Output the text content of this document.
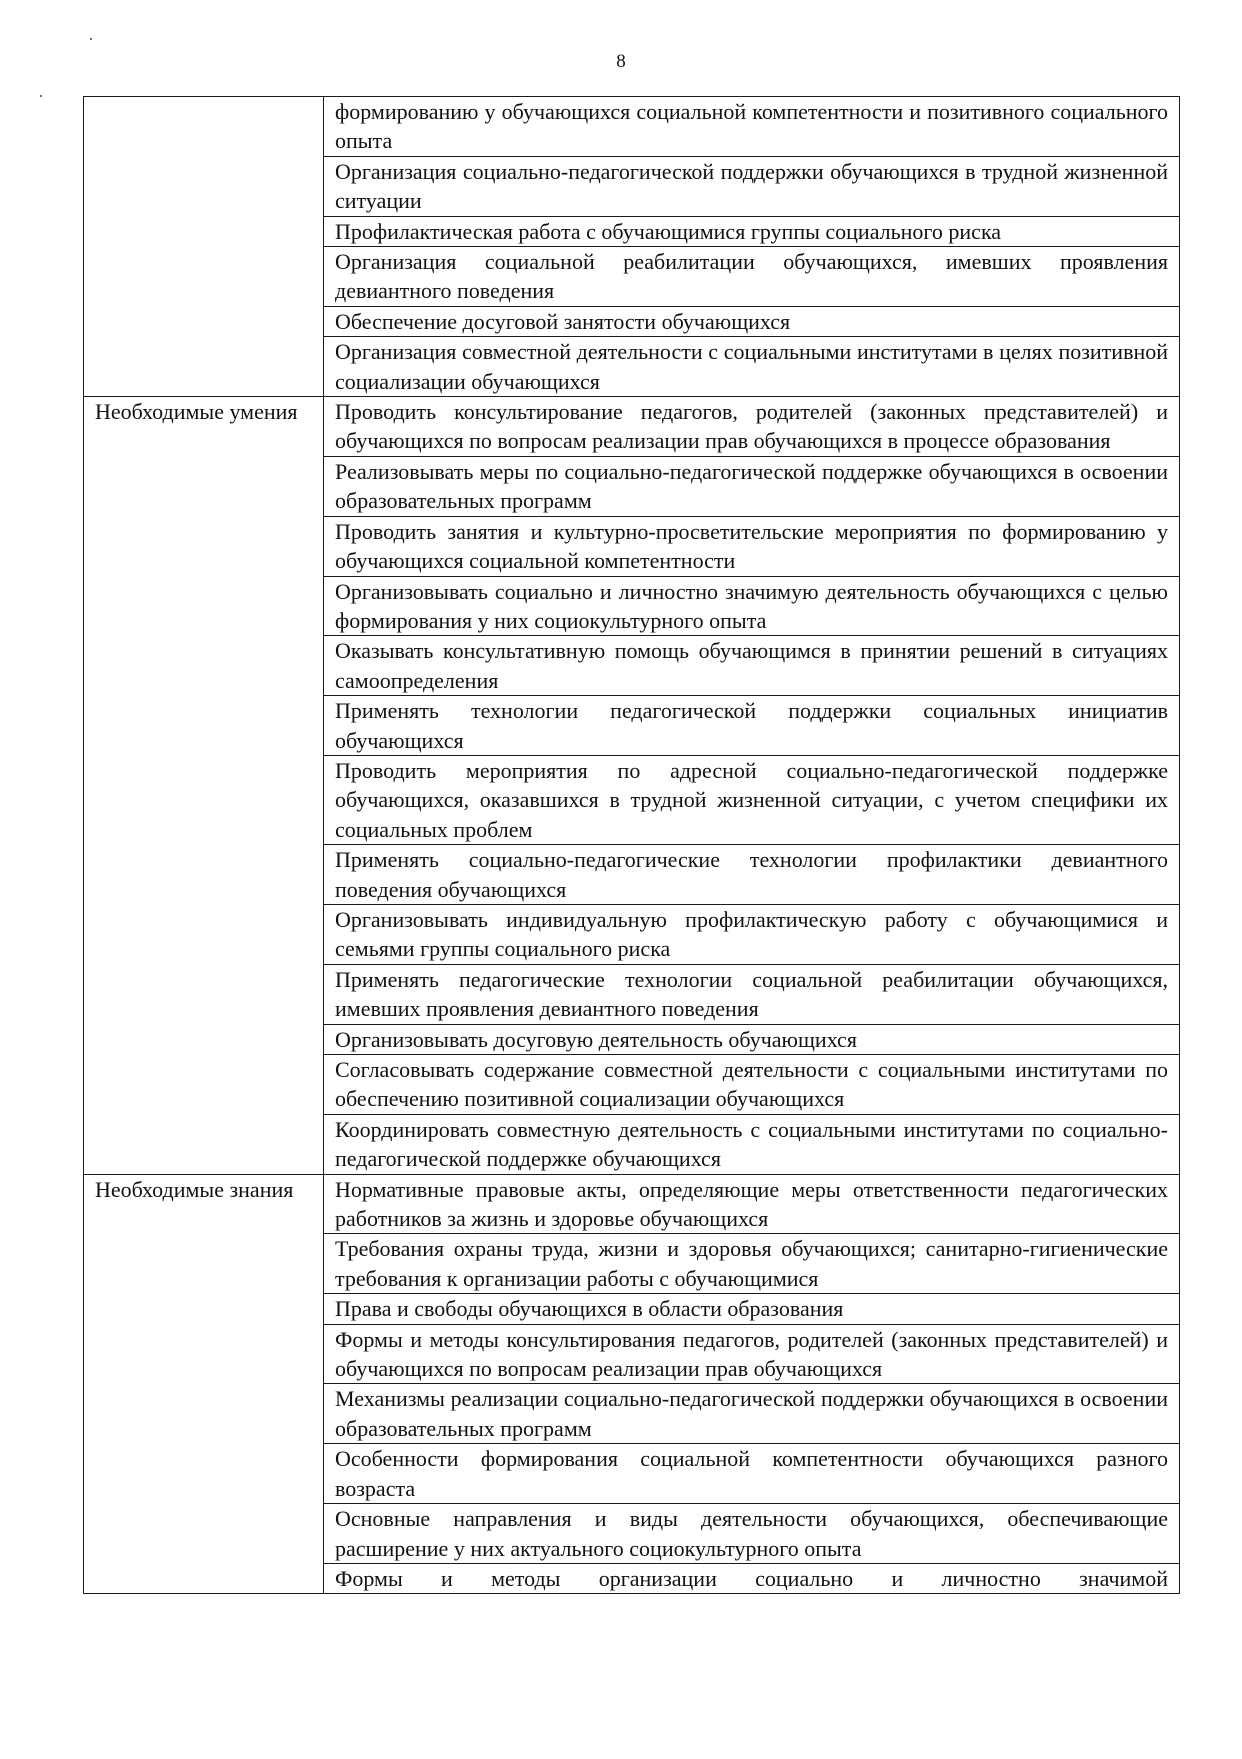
8
	формированию у обучающихся социальной компетентности и позитивного социального опыта
	Организация социально-педагогической поддержки обучающихся в трудной жизненной ситуации
	Профилактическая работа с обучающимися группы социального риска
	Организация социальной реабилитации обучающихся, имевших проявления девиантного поведения
	Обеспечение досуговой занятости обучающихся
	Организация совместной деятельности с социальными институтами в целях позитивной социализации обучающихся
Необходимые умения	Проводить консультирование педагогов, родителей (законных представителей) и обучающихся по вопросам реализации прав обучающихся в процессе образования
	Реализовывать меры по социально-педагогической поддержке обучающихся в освоении образовательных программ
	Проводить занятия и культурно-просветительские мероприятия по формированию у обучающихся социальной компетентности
	Организовывать социально и личностно значимую деятельность обучающихся с целью формирования у них социокультурного опыта
	Оказывать консультативную помощь обучающимся в принятии решений в ситуациях самоопределения
	Применять технологии педагогической поддержки социальных инициатив обучающихся
	Проводить мероприятия по адресной социально-педагогической поддержке обучающихся, оказавшихся в трудной жизненной ситуации, с учетом специфики их социальных проблем
	Применять социально-педагогические технологии профилактики девиантного поведения обучающихся
	Организовывать индивидуальную профилактическую работу с обучающимися и семьями группы социального риска
	Применять педагогические технологии социальной реабилитации обучающихся, имевших проявления девиантного поведения
	Организовывать досуговую деятельность обучающихся
	Согласовывать содержание совместной деятельности с социальными институтами по обеспечению позитивной социализации обучающихся
	Координировать совместную деятельность с социальными институтами по социально-педагогической поддержке обучающихся
Необходимые знания	Нормативные правовые акты, определяющие меры ответственности педагогических работников за жизнь и здоровье обучающихся
	Требования охраны труда, жизни и здоровья обучающихся; санитарно-гигиенические требования к организации работы с обучающимися
	Права и свободы обучающихся в области образования
	Формы и методы консультирования педагогов, родителей (законных представителей) и обучающихся по вопросам реализации прав обучающихся
	Механизмы реализации социально-педагогической поддержки обучающихся в освоении образовательных программ
	Особенности формирования социальной компетентности обучающихся разного возраста
	Основные направления и виды деятельности обучающихся, обеспечивающие расширение у них актуального социокультурного опыта
	Формы и методы организации социально и личностно значимой
